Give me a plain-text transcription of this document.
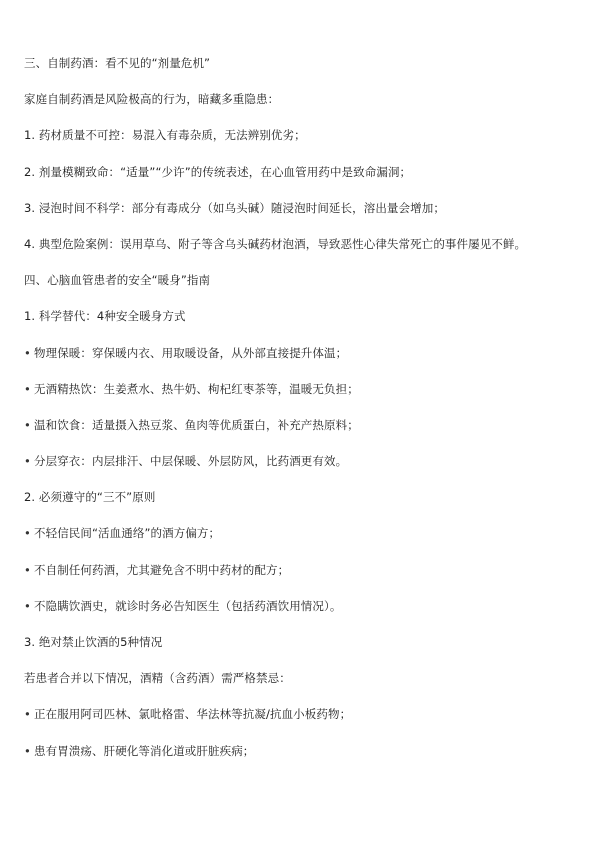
三、自制药酒：看不见的“剂量危机”
家庭自制药酒是风险极高的行为，暗藏多重隐患：
1. 药材质量不可控：易混入有毒杂质，无法辨别优劣；
2. 剂量模糊致命：“适量”“少许”的传统表述，在心血管用药中是致命漏洞；
3. 浸泡时间不科学：部分有毒成分（如乌头碱）随浸泡时间延长，溶出量会增加；
4. 典型危险案例：误用草乌、附子等含乌头碱药材泡酒，导致恶性心律失常死亡的事件屡见不鲜。
四、心脑血管患者的安全“暖身”指南
1. 科学替代：4种安全暖身方式
• 物理保暖：穿保暖内衣、用取暖设备，从外部直接提升体温；
• 无酒精热饮：生姜煮水、热牛奶、枸杞红枣茶等，温暖无负担；
• 温和饮食：适量摄入热豆浆、鱼肉等优质蛋白，补充产热原料；
• 分层穿衣：内层排汗、中层保暖、外层防风，比药酒更有效。
2. 必须遵守的“三不”原则
• 不轻信民间“活血通络”的酒方偏方；
• 不自制任何药酒，尤其避免含不明中药材的配方；
• 不隐瞒饮酒史，就诊时务必告知医生（包括药酒饮用情况）。
3. 绝对禁止饮酒的5种情况
若患者合并以下情况，酒精（含药酒）需严格禁忌：
• 正在服用阿司匹林、氯吡格雷、华法林等抗凝/抗血小板药物；
• 患有胃溃疡、肝硬化等消化道或肝脏疾病；
